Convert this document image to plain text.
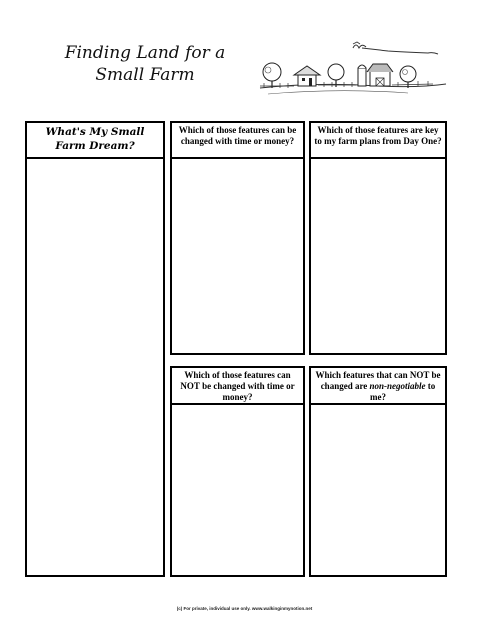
Finding Land for a
Small Farm
What's My Small
Farm Dream?
Which of those features can be changed with time or money?
Which of those features are key to my farm plans from Day One?
Which of those features can NOT be changed with time or money?
Which features that can NOT be changed are non-negotiable to me?
(c) For private, individual use only. www.walkinginmynotion.net
